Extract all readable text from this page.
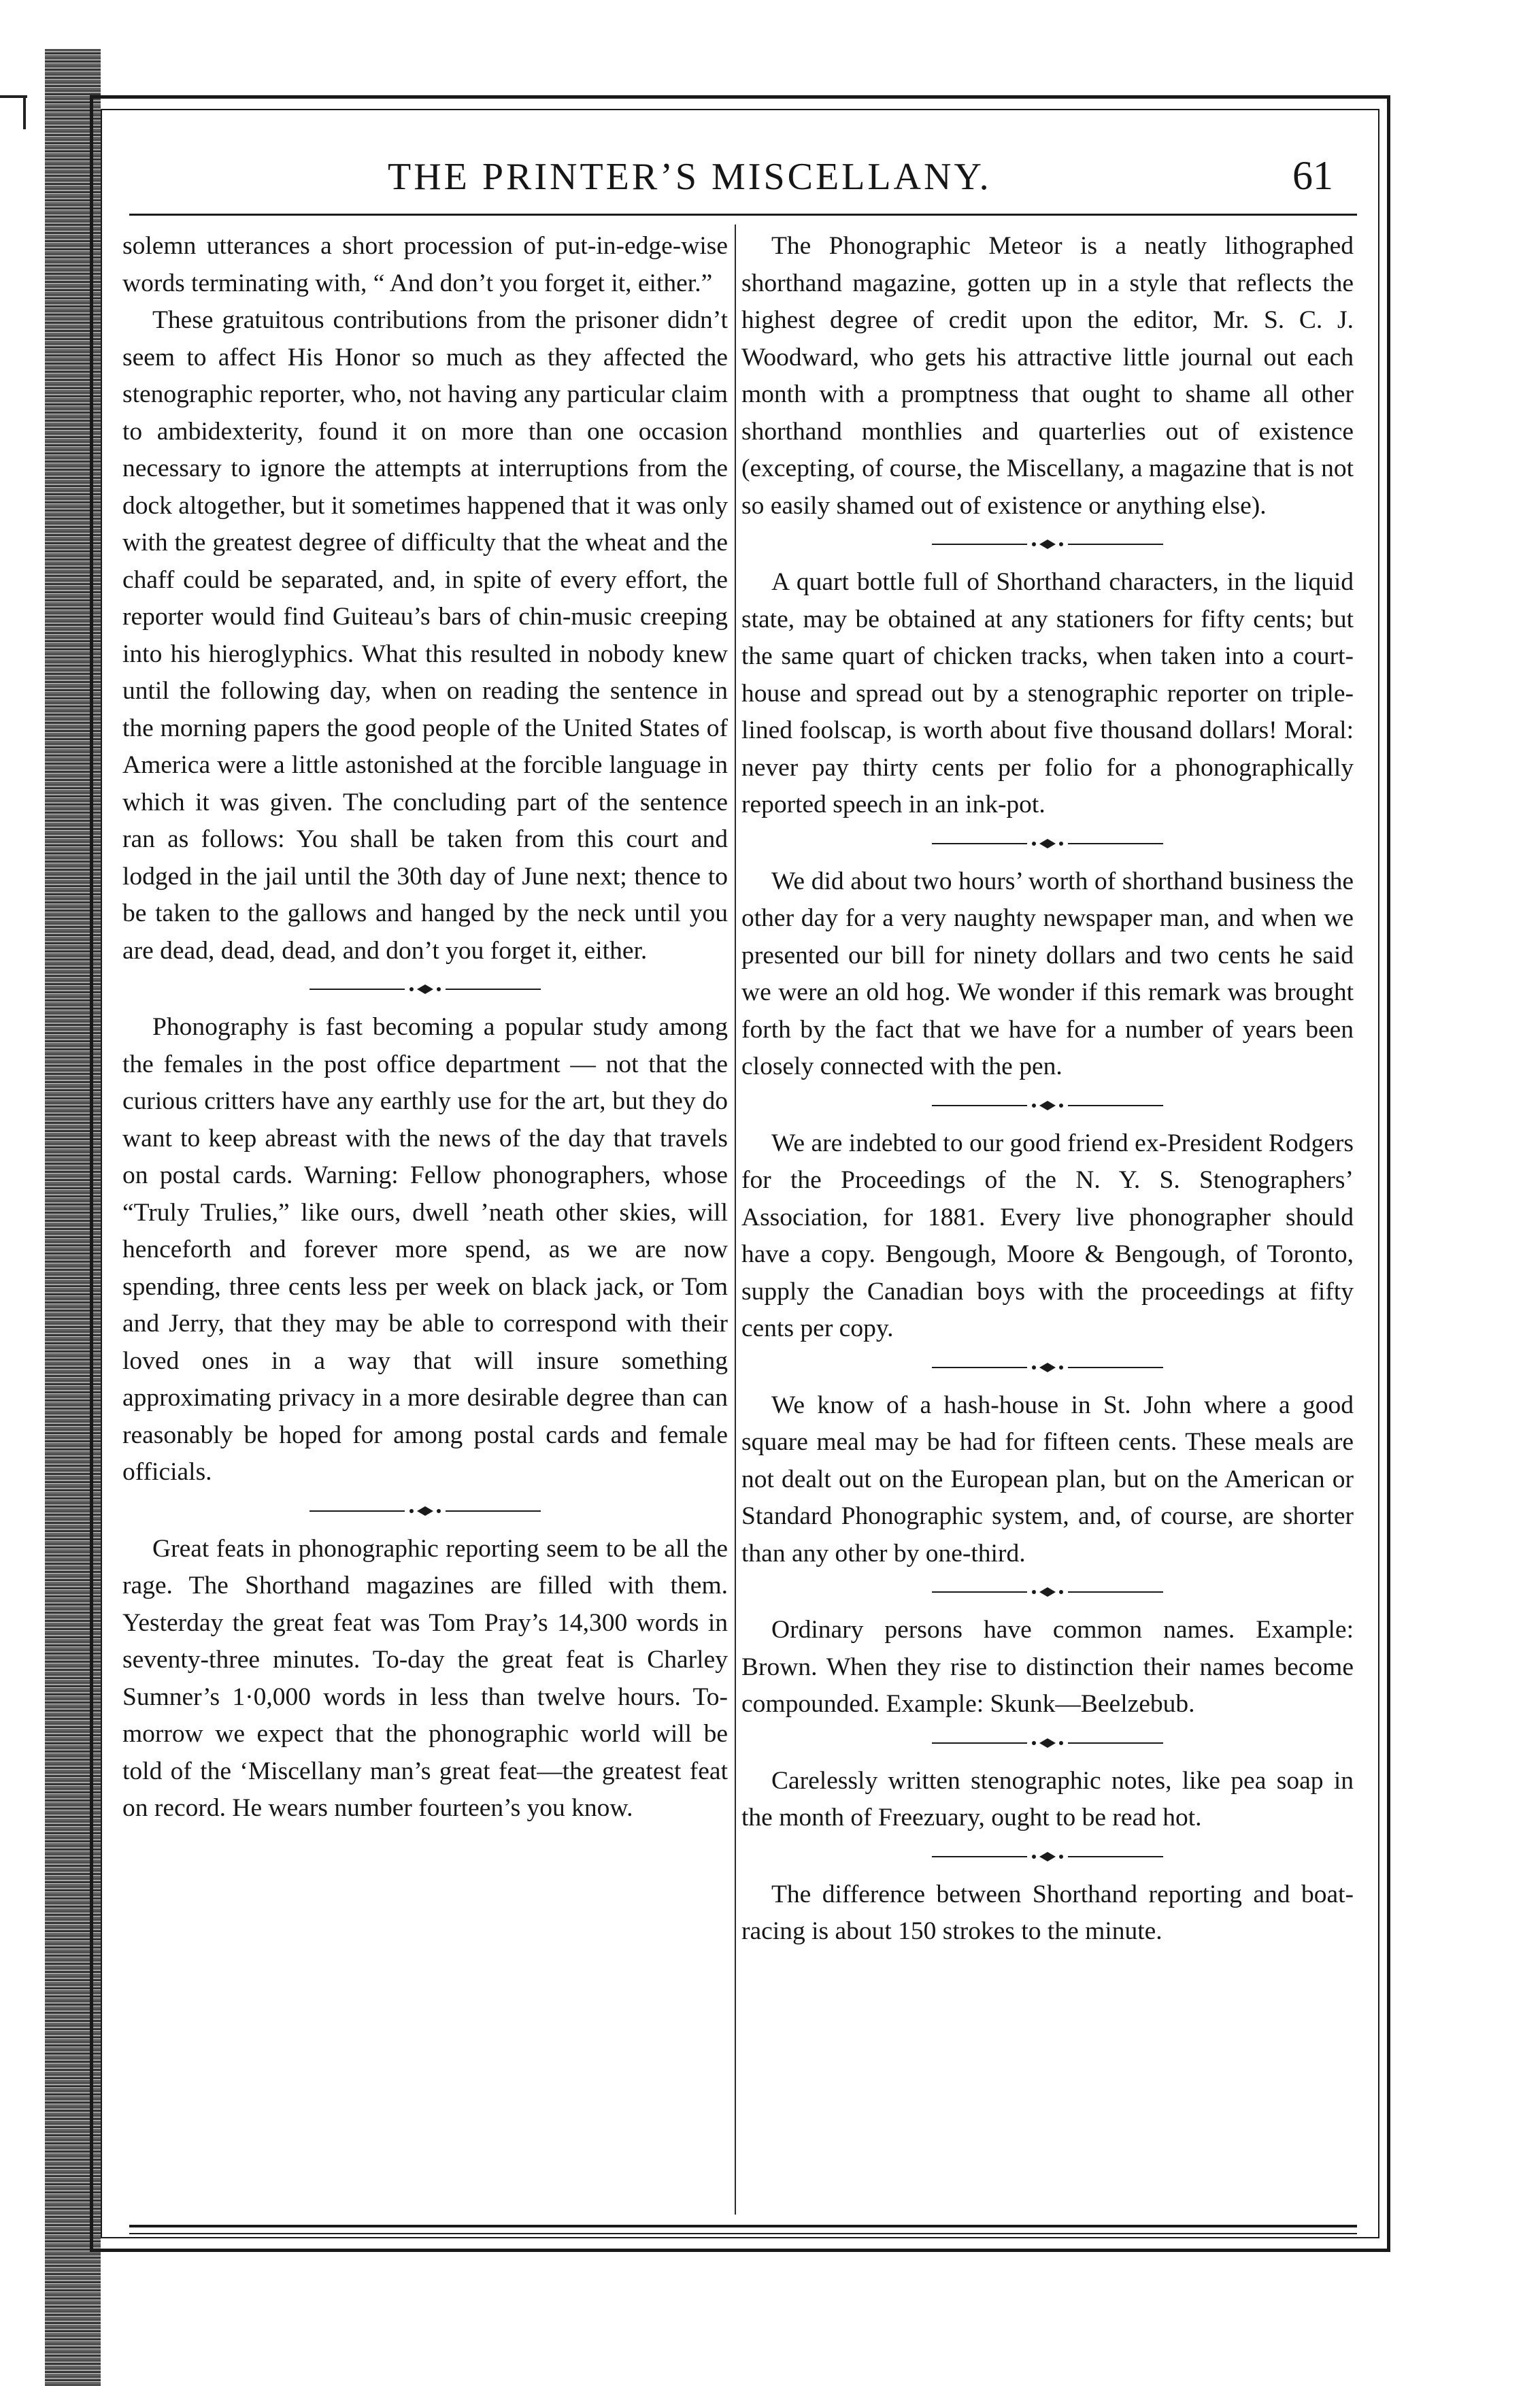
THE PRINTER’S MISCELLANY.	61

solemn utterances a short procession of put-in-edge-wise words terminating with, “ And don’t you forget it, either.”

These gratuitous contributions from the prisoner didn’t seem to affect His Honor so much as they affected the stenographic reporter, who, not having any particular claim to ambidexterity, found it on more than one occasion necessary to ignore the attempts at interruptions from the dock altogether, but it sometimes happened that it was only with the greatest degree of difficulty that the wheat and the chaff could be separated, and, in spite of every effort, the reporter would find Guiteau’s bars of chin-music creeping into his hieroglyphics. What this resulted in nobody knew until the following day, when on reading the sentence in the morning papers the good people of the United States of America were a little astonished at the forcible language in which it was given. The concluding part of the sentence ran as follows: You shall be taken from this court and lodged in the jail until the 30th day of June next; thence to be taken to the gallows and hanged by the neck until you are dead, dead, dead, and don’t you forget it, either.

Phonography is fast becoming a popular study among the females in the post office department — not that the curious critters have any earthly use for the art, but they do want to keep abreast with the news of the day that travels on postal cards. Warning: Fellow phonographers, whose “Truly Trulies,” like ours, dwell ’neath other skies, will henceforth and forever more spend, as we are now spending, three cents less per week on black jack, or Tom and Jerry, that they may be able to correspond with their loved ones in a way that will insure something approximating privacy in a more desirable degree than can reasonably be hoped for among postal cards and female officials.

Great feats in phonographic reporting seem to be all the rage. The Shorthand magazines are filled with them. Yesterday the great feat was Tom Pray’s 14,300 words in seventy-three minutes. To-day the great feat is Charley Sumner’s 1·0,000 words in less than twelve hours. To-morrow we expect that the phonographic world will be told of the ‘Miscellany man’s great feat—the greatest feat on record. He wears number fourteen’s you know.

The Phonographic Meteor is a neatly lithographed shorthand magazine, gotten up in a style that reflects the highest degree of credit upon the editor, Mr. S. C. J. Woodward, who gets his attractive little journal out each month with a promptness that ought to shame all other shorthand monthlies and quarterlies out of existence (excepting, of course, the Miscellany, a magazine that is not so easily shamed out of existence or anything else).

A quart bottle full of Shorthand characters, in the liquid state, may be obtained at any stationers for fifty cents; but the same quart of chicken tracks, when taken into a court-house and spread out by a stenographic reporter on triple-lined foolscap, is worth about five thousand dollars! Moral: never pay thirty cents per folio for a phonographically reported speech in an ink-pot.

We did about two hours’ worth of shorthand business the other day for a very naughty newspaper man, and when we presented our bill for ninety dollars and two cents he said we were an old hog. We wonder if this remark was brought forth by the fact that we have for a number of years been closely connected with the pen.

We are indebted to our good friend ex-President Rodgers for the Proceedings of the N. Y. S. Stenographers’ Association, for 1881. Every live phonographer should have a copy. Bengough, Moore & Bengough, of Toronto, supply the Canadian boys with the proceedings at fifty cents per copy.

We know of a hash-house in St. John where a good square meal may be had for fifteen cents. These meals are not dealt out on the European plan, but on the American or Standard Phonographic system, and, of course, are shorter than any other by one-third.

Ordinary persons have common names. Example: Brown. When they rise to distinction their names become compounded. Example: Skunk—Beelzebub.

Carelessly written stenographic notes, like pea soap in the month of Freezuary, ought to be read hot.

The difference between Shorthand reporting and boat-racing is about 150 strokes to the minute.
